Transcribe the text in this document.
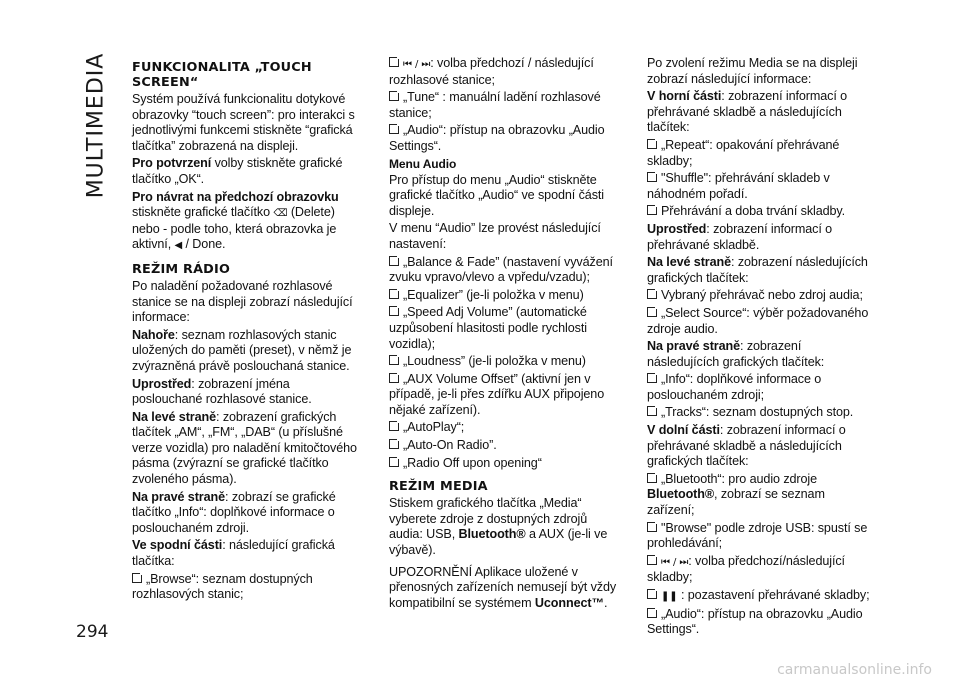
MULTIMEDIA
294
FUNKCIONALITA „TOUCH SCREEN“

Systém používá funkcionalitu dotykové obrazovky “touch screen”: pro interakci s jednotlivými funkcemi stiskněte “grafická tlačítka” zobrazená na displeji.

Pro potvrzení volby stiskněte grafické tlačítko „OK“.

Pro návrat na předchozí obrazovku stiskněte grafické tlačítko ⌫ (Delete) nebo - podle toho, která obrazovka je aktivní, ◀ / Done.

REŽIM RÁDIO

Po naladění požadované rozhlasové stanice se na displeji zobrazí následující informace:

Nahoře: seznam rozhlasových stanic uložených do paměti (preset), v němž je zvýrazněná právě poslouchaná stanice.

Uprostřed: zobrazení jména poslouchané rozhlasové stanice.

Na levé straně: zobrazení grafických tlačítek „AM“, „FM“, „DAB“ (u příslušné verze vozidla) pro naladění kmitočtového pásma (zvýrazní se grafické tlačítko zvoleného pásma).

Na pravé straně: zobrazí se grafické tlačítko „Info“: doplňkové informace o poslouchaném zdroji.

Ve spodní části: následující grafická tlačítka:

„Browse“: seznam dostupných rozhlasových stanic;

⏮ / ⏭: volba předchozí / následující rozhlasové stanice;

„Tune“ : manuální ladění rozhlasové stanice;

„Audio“: přístup na obrazovku „Audio Settings“.

Menu Audio

Pro přístup do menu „Audio“ stiskněte grafické tlačítko „Audio“ ve spodní části displeje.

V menu “Audio” lze provést následující nastavení:

„Balance & Fade” (nastavení vyvážení zvuku vpravo/vlevo a vpředu/vzadu);

„Equalizer” (je-li položka v menu)

„Speed Adj Volume” (automatické uzpůsobení hlasitosti podle rychlosti vozidla);

„Loudness” (je-li položka v menu)

„AUX Volume Offset” (aktivní jen v případě, je-li přes zdířku AUX připojeno nějaké zařízení).

„AutoPlay“;

„Auto-On Radio”.

„Radio Off upon opening“

REŽIM MEDIA

Stiskem grafického tlačítka „Media“ vyberete zdroje z dostupných zdrojů audia: USB, Bluetooth® a AUX (je-li ve výbavě).

UPOZORNĚNÍ Aplikace uložené v přenosných zařízeních nemusejí být vždy kompatibilní se systémem Uconnect™.

Po zvolení režimu Media se na displeji zobrazí následující informace:

V horní části: zobrazení informací o přehrávané skladbě a následujících tlačítek:

„Repeat“: opakování přehrávané skladby;

"Shuffle": přehrávání skladeb v náhodném pořadí.

Přehrávání a doba trvání skladby.

Uprostřed: zobrazení informací o přehrávané skladbě.

Na levé straně: zobrazení následujících grafických tlačítek:

Vybraný přehrávač nebo zdroj audia;

„Select Source“: výběr požadovaného zdroje audio.

Na pravé straně: zobrazení následujících grafických tlačítek:

„Info“: doplňkové informace o poslouchaném zdroji;

„Tracks“: seznam dostupných stop.

V dolní části: zobrazení informací o přehrávané skladbě a následujících grafických tlačítek:

„Bluetooth“: pro audio zdroje Bluetooth®, zobrazí se seznam zařízení;

"Browse" podle zdroje USB: spustí se prohledávání;

⏮ / ⏭: volba předchozí/následující skladby;

❚❚ : pozastavení přehrávané skladby;

„Audio“: přístup na obrazovku „Audio Settings“.

carmanualsonline.info
